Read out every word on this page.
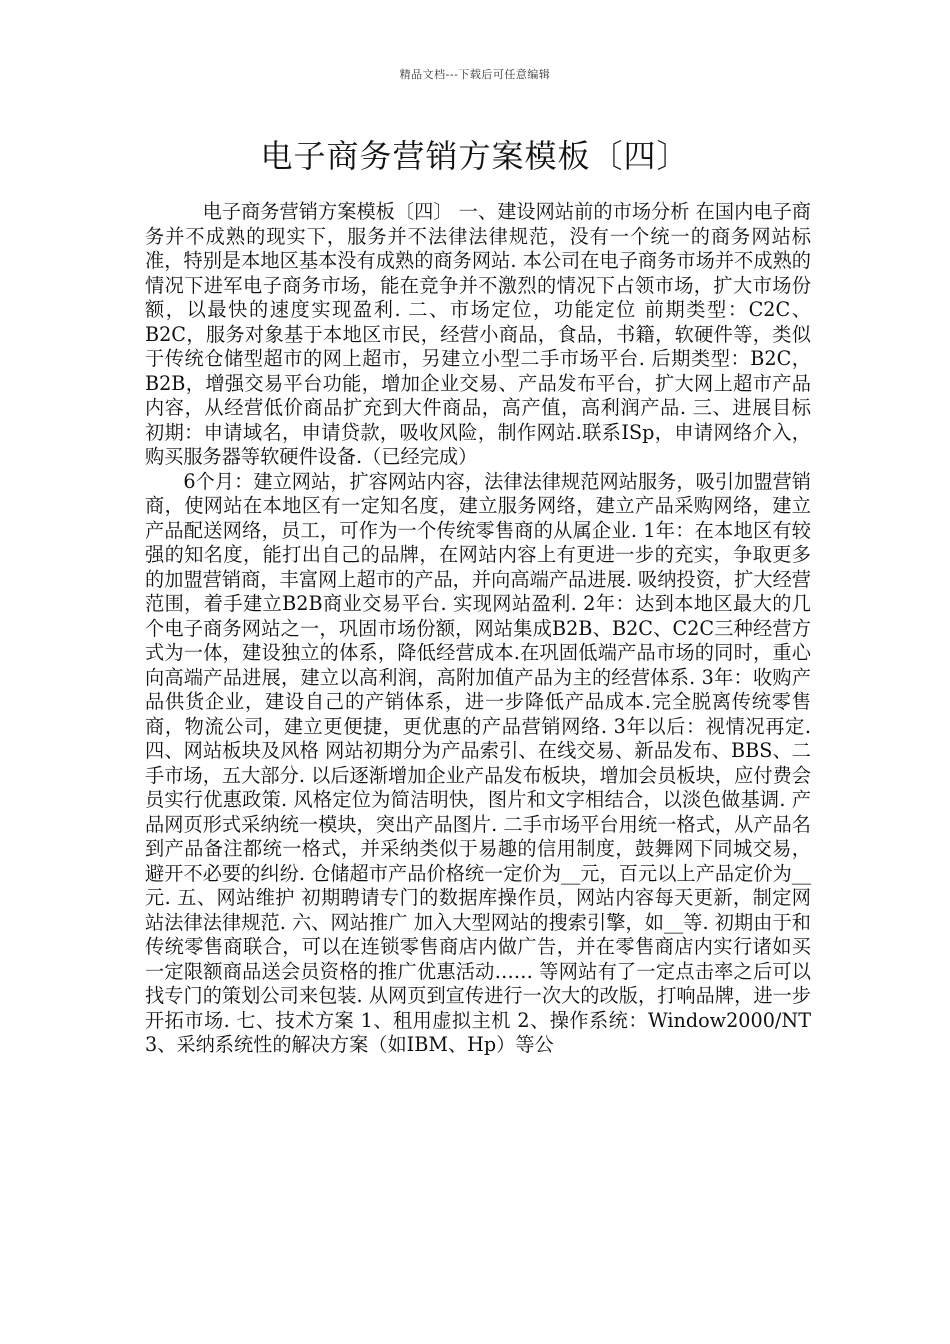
精品文档---下载后可任意编辑
电子商务营销方案模板〔四〕

电子商务营销方案模板〔四〕 一、建设网站前的市场分析 在国内电子商务并不成熟的现实下，服务并不法律法律规范，没有一个统一的商务网站标准，特别是本地区基本没有成熟的商务网站. 本公司在电子商务市场并不成熟的情况下进军电子商务市场，能在竞争并不激烈的情况下占领市场，扩大市场份额，以最快的速度实现盈利. 二、市场定位，功能定位 前期类型：C2C、B2C，服务对象基于本地区市民，经营小商品，食品，书籍，软硬件等，类似于传统仓储型超市的网上超市，另建立小型二手市场平台. 后期类型：B2C，B2B，增强交易平台功能，增加企业交易、产品发布平台，扩大网上超市产品内容，从经营低价商品扩充到大件商品，高产值，高利润产品. 三、进展目标 初期：申请域名，申请贷款，吸收风险，制作网站.联系ISp，申请网络介入，购买服务器等软硬件设备.（已经完成）

6个月：建立网站，扩容网站内容，法律法律规范网站服务，吸引加盟营销商，使网站在本地区有一定知名度，建立服务网络，建立产品采购网络，建立产品配送网络，员工，可作为一个传统零售商的从属企业. 1年：在本地区有较强的知名度，能打出自己的品牌，在网站内容上有更进一步的充实，争取更多的加盟营销商，丰富网上超市的产品，并向高端产品进展. 吸纳投资，扩大经营范围，着手建立B2B商业交易平台. 实现网站盈利. 2年：达到本地区最大的几个电子商务网站之一，巩固市场份额，网站集成B2B、B2C、C2C三种经营方式为一体，建设独立的体系，降低经营成本.在巩固低端产品市场的同时，重心向高端产品进展，建立以高利润，高附加值产品为主的经营体系. 3年：收购产品供货企业，建设自己的产销体系，进一步降低产品成本.完全脱离传统零售商，物流公司，建立更便捷，更优惠的产品营销网络. 3年以后：视情况再定. 四、网站板块及风格 网站初期分为产品索引、在线交易、新品发布、BBS、二手市场，五大部分. 以后逐渐增加企业产品发布板块，增加会员板块，应付费会员实行优惠政策. 风格定位为简洁明快，图片和文字相结合，以淡色做基调. 产品网页形式采纳统一模块，突出产品图片. 二手市场平台用统一格式，从产品名到产品备注都统一格式，并采纳类似于易趣的信用制度，鼓舞网下同城交易，避开不必要的纠纷. 仓储超市产品价格统一定价为__元，百元以上产品定价为__元. 五、网站维护 初期聘请专门的数据库操作员，网站内容每天更新，制定网站法律法律规范. 六、网站推广 加入大型网站的搜索引擎，如__等. 初期由于和传统零售商联合，可以在连锁零售商店内做广告，并在零售商店内实行诸如买一定限额商品送会员资格的推广优惠活动…… 等网站有了一定点击率之后可以找专门的策划公司来包装. 从网页到宣传进行一次大的改版，打响品牌，进一步开拓市场. 七、技术方案 1、租用虚拟主机 2、操作系统：Window2000/NT 3、采纳系统性的解决方案（如IBM、Hp）等公
